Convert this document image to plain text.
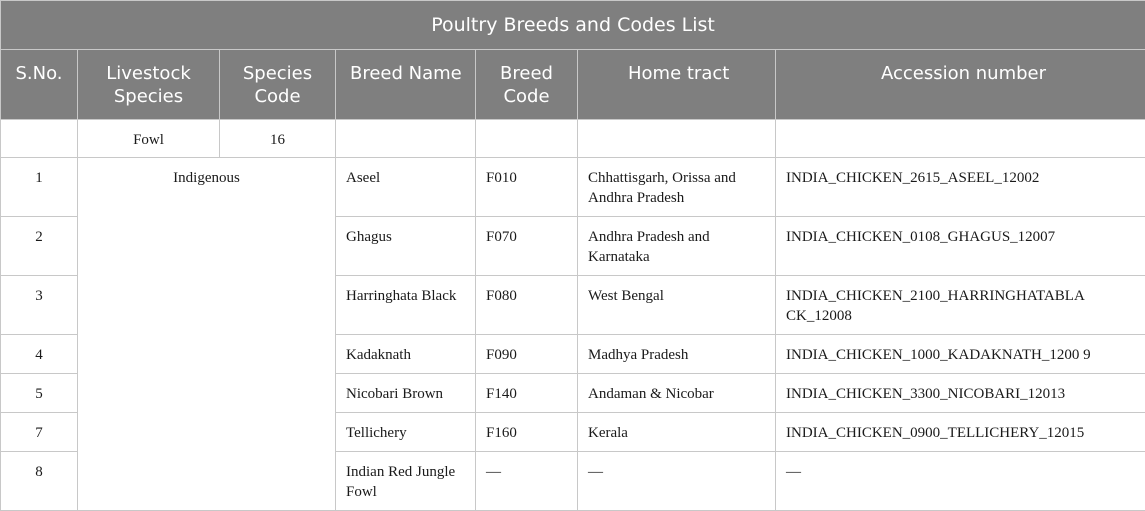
Poultry Breeds and Codes List						
S.No.	Livestock Species	Species Code	Breed Name	Breed Code	Home tract	Accession number
	Fowl	16				
1	Indigenous		Aseel	F010	Chhattisgarh, Orissa and Andhra Pradesh	INDIA_CHICKEN_2615_ASEEL_12002
2			Ghagus	F070	Andhra Pradesh and Karnataka	INDIA_CHICKEN_0108_GHAGUS_12007
3			Harringhata Black	F080	West Bengal	INDIA_CHICKEN_2100_HARRINGHATABLA CK_12008
4			Kadaknath	F090	Madhya Pradesh	INDIA_CHICKEN_1000_KADAKNATH_1200 9
5			Nicobari Brown	F140	Andaman & Nicobar	INDIA_CHICKEN_3300_NICOBARI_12013
7			Tellichery	F160	Kerala	INDIA_CHICKEN_0900_TELLICHERY_12015
8			Indian Red Jungle Fowl	—	—	—
